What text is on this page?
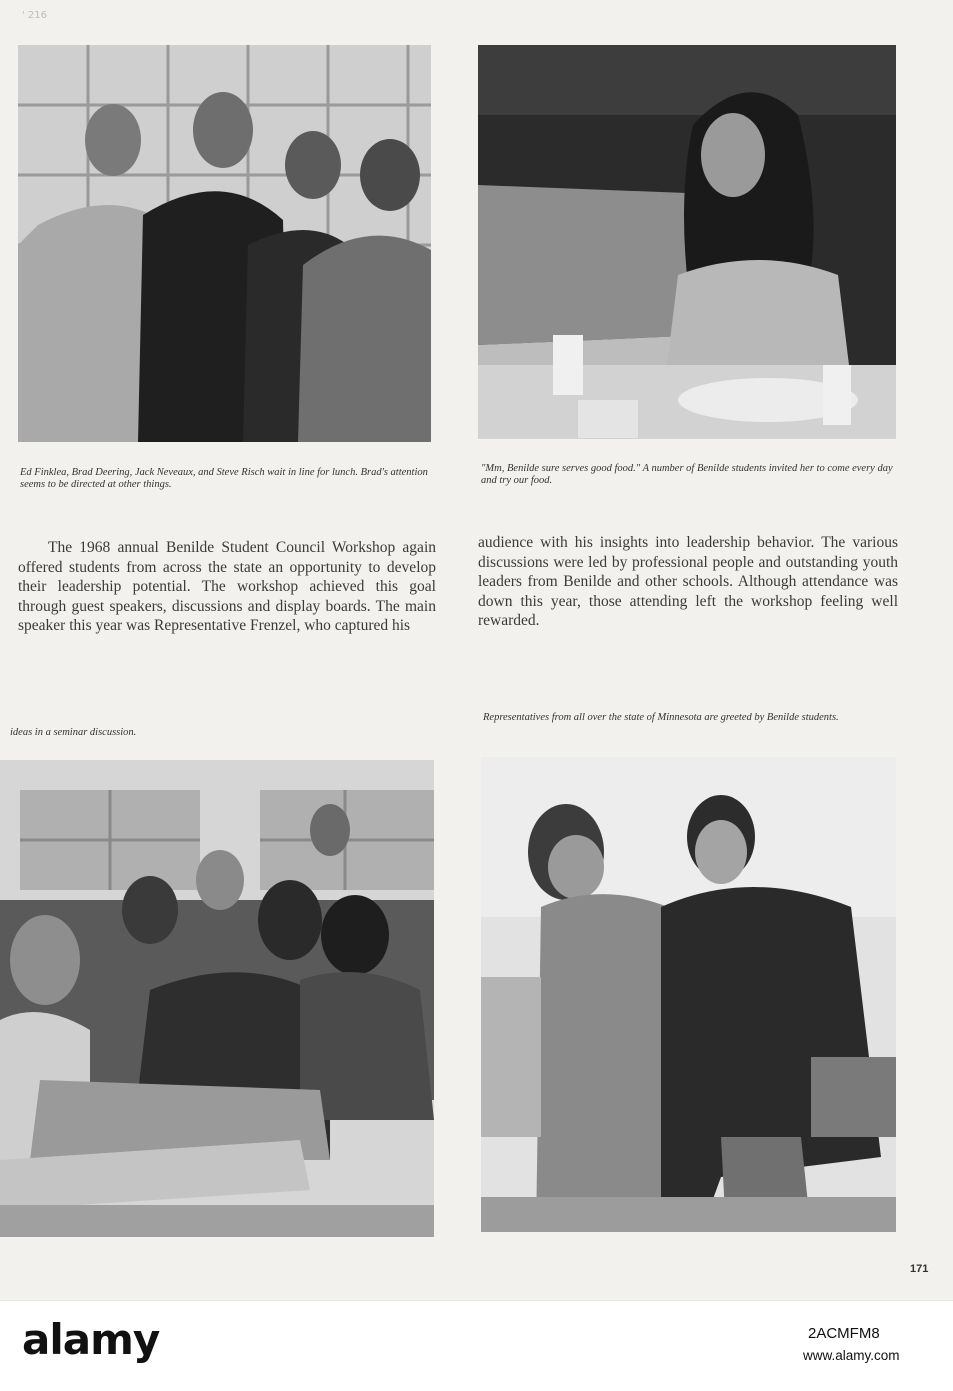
' 216

Ed Finklea, Brad Deering, Jack Neveaux, and Steve Risch wait in line for lunch. Brad's attention seems to be directed at other things.

"Mm, Benilde sure serves good food." A number of Benilde students invited her to come every day and try our food.

The 1968 annual Benilde Student Council Workshop again offered students from across the state an opportunity to develop their leadership potential. The workshop achieved this goal through guest speakers, discussions and display boards. The main speaker this year was Representative Frenzel, who captured his

audience with his insights into leadership behavior. The various discussions were led by professional people and outstanding youth leaders from Benilde and other schools. Although attendance was down this year, those attending left the workshop feeling well rewarded.

ideas in a seminar discussion.

Representatives from all over the state of Minnesota are greeted by Benilde students.

171
alamy	2ACMFM8
www.alamy.com
